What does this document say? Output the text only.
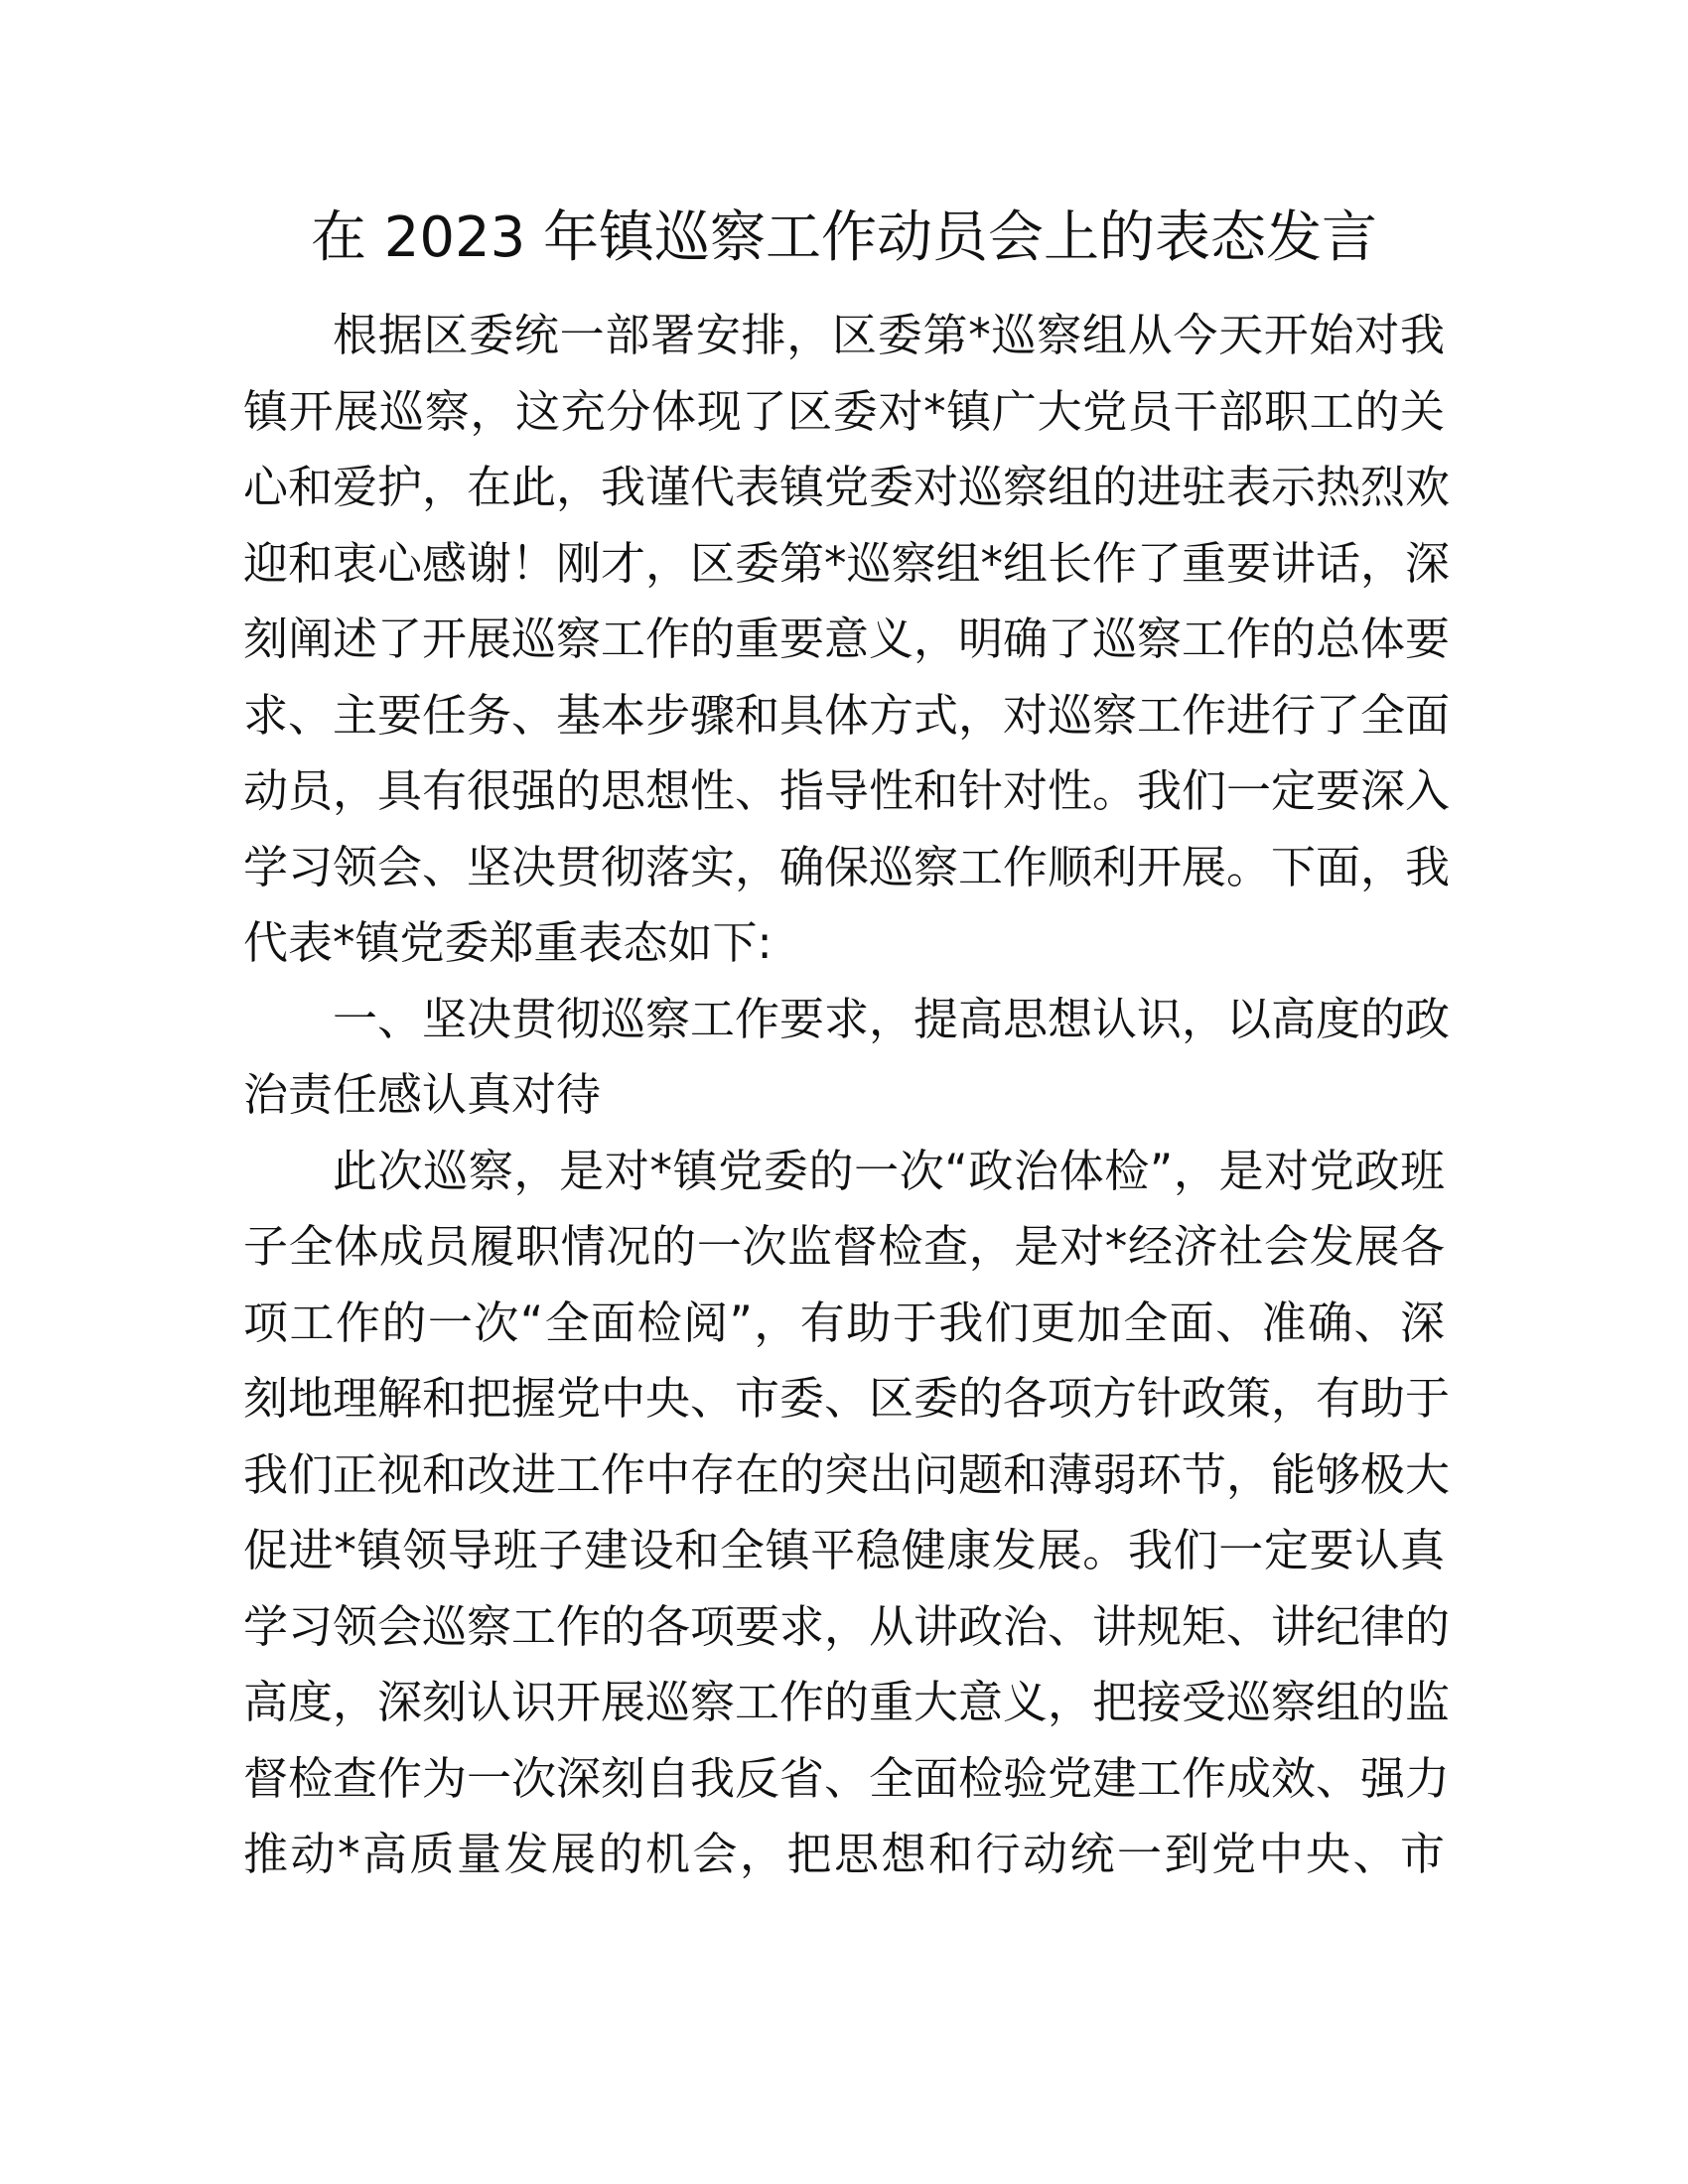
在 2023 年镇巡察工作动员会上的表态发言
根据区委统一部署安排，区委第*巡察组从今天开始对我
镇开展巡察，这充分体现了区委对*镇广大党员干部职工的关
心和爱护，在此，我谨代表镇党委对巡察组的进驻表示热烈欢
迎和衷心感谢！刚才，区委第*巡察组*组长作了重要讲话，深
刻阐述了开展巡察工作的重要意义，明确了巡察工作的总体要
求、主要任务、基本步骤和具体方式，对巡察工作进行了全面
动员，具有很强的思想性、指导性和针对性。我们一定要深入
学习领会、坚决贯彻落实，确保巡察工作顺利开展。下面，我
代表*镇党委郑重表态如下:
一、坚决贯彻巡察工作要求，提高思想认识，以高度的政
治责任感认真对待
此次巡察，是对*镇党委的一次“政治体检”，是对党政班
子全体成员履职情况的一次监督检查，是对*经济社会发展各
项工作的一次“全面检阅”，有助于我们更加全面、准确、深
刻地理解和把握党中央、市委、区委的各项方针政策，有助于
我们正视和改进工作中存在的突出问题和薄弱环节，能够极大
促进*镇领导班子建设和全镇平稳健康发展。我们一定要认真
学习领会巡察工作的各项要求，从讲政治、讲规矩、讲纪律的
高度，深刻认识开展巡察工作的重大意义，把接受巡察组的监
督检查作为一次深刻自我反省、全面检验党建工作成效、强力
推动*高质量发展的机会，把思想和行动统一到党中央、市
